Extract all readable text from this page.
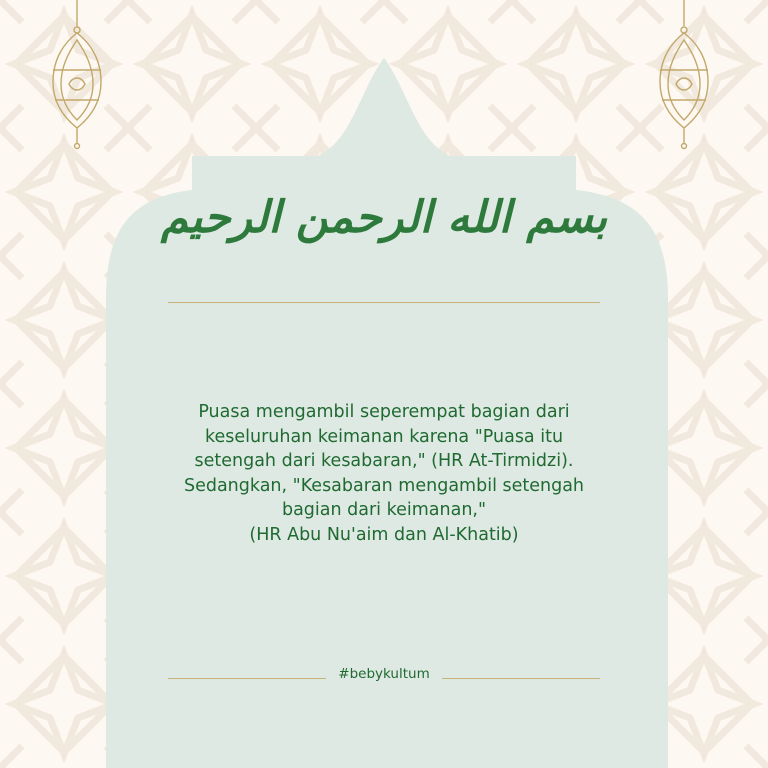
بسم الله الرحمن الرحيم

Puasa mengambil seperempat bagian dari
keseluruhan keimanan karena "Puasa itu
setengah dari kesabaran," (HR At-Tirmidzi).
Sedangkan, "Kesabaran mengambil setengah
bagian dari keimanan,"
(HR Abu Nu'aim dan Al-Khatib)

#bebykultum
